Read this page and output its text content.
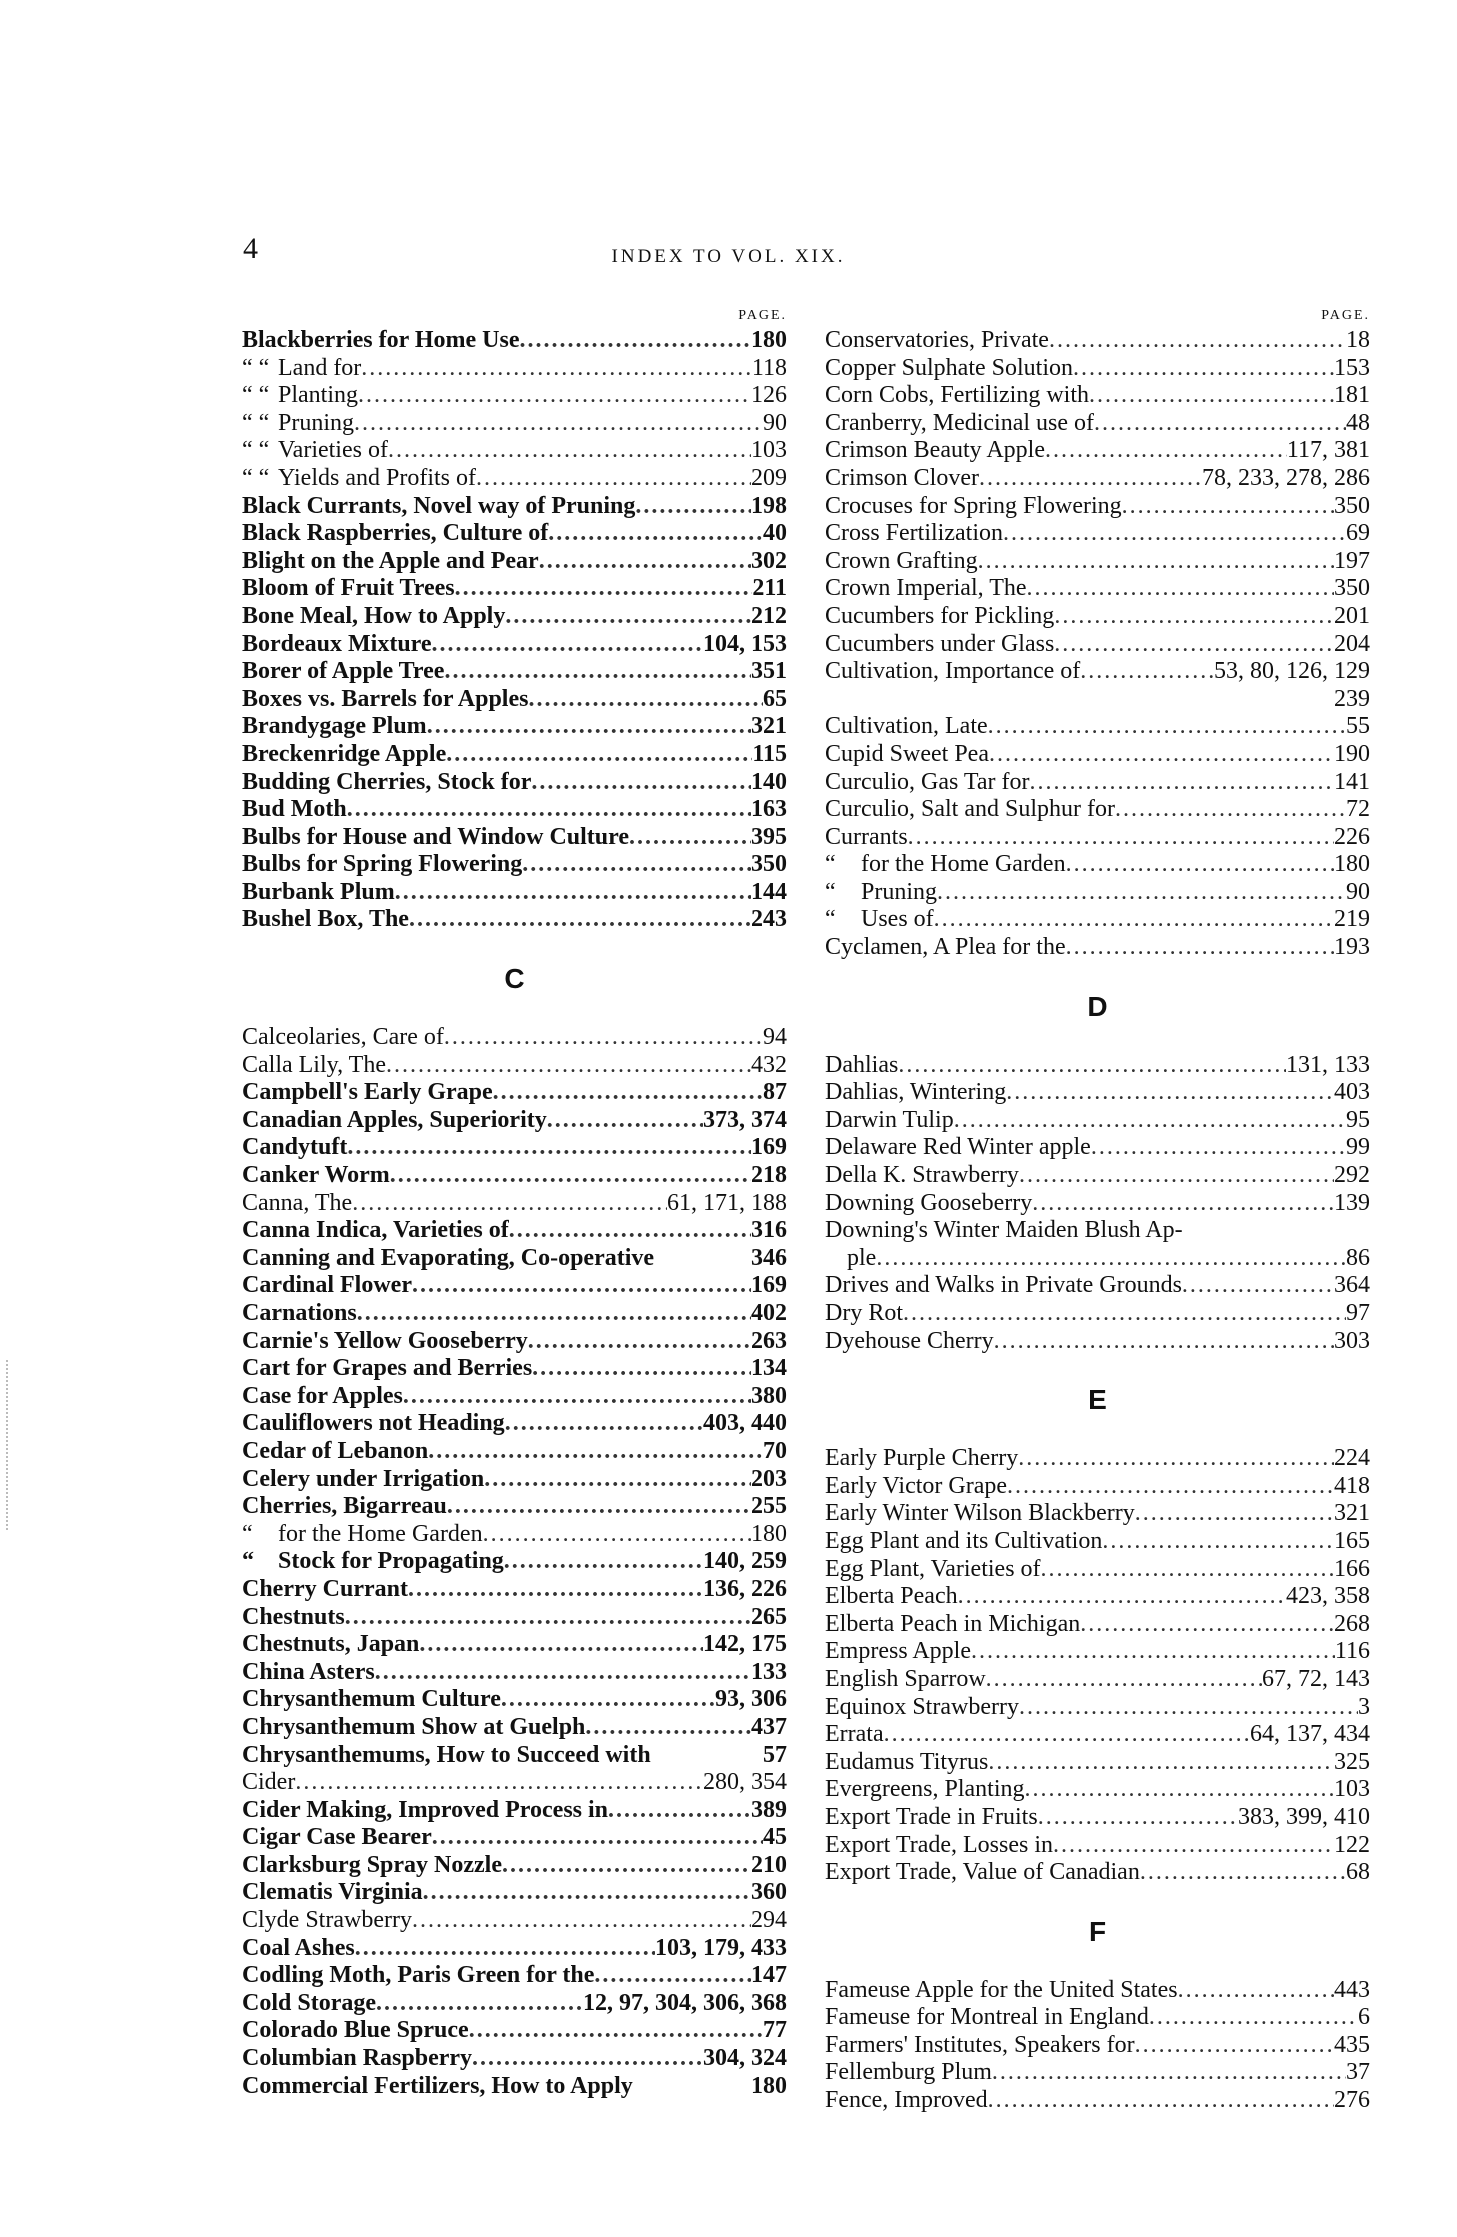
4	INDEX TO VOL. XIX.
PAGE.
Blackberries for Home Use .....	180
“ “ Land for .....	118
“ “ Planting .....	126
“ “ Pruning .....	90
“ “ Varieties of .....	103
“ “ Yields and Profits of .....	209
Black Currants, Novel way of Pruning .....	198
Black Raspberries, Culture of .....	40
Blight on the Apple and Pear .....	302
Bloom of Fruit Trees .....	211
Bone Meal, How to Apply .....	212
Bordeaux Mixture .....	104, 153
Borer of Apple Tree .....	351
Boxes vs. Barrels for Apples .....	65
Brandygage Plum .....	321
Breckenridge Apple .....	115
Budding Cherries, Stock for .....	140
Bud Moth .....	163
Bulbs for House and Window Culture .....	395
Bulbs for Spring Flowering .....	350
Burbank Plum .....	144
Bushel Box, The .....	243
C
Calceolaries, Care of .....	94
Calla Lily, The .....	432
Campbell's Early Grape .....	87
Canadian Apples, Superiority .....	373, 374
Candytuft .....	169
Canker Worm .....	218
Canna, The .....	61, 171, 188
Canna Indica, Varieties of .....	316
Canning and Evaporating, Co-operative	346
Cardinal Flower .....	169
Carnations .....	402
Carnie's Yellow Gooseberry .....	263
Cart for Grapes and Berries .....	134
Case for Apples .....	380
Cauliflowers not Heading .....	403, 440
Cedar of Lebanon .....	70
Celery under Irrigation .....	203
Cherries, Bigarreau .....	255
“ for the Home Garden .....	180
“ Stock for Propagating .....	140, 259
Cherry Currant .....	136, 226
Chestnuts .....	265
Chestnuts, Japan .....	142, 175
China Asters .....	133
Chrysanthemum Culture .....	93, 306
Chrysanthemum Show at Guelph .....	437
Chrysanthemums, How to Succeed with	57
Cider .....	280, 354
Cider Making, Improved Process in .....	389
Cigar Case Bearer .....	45
Clarksburg Spray Nozzle .....	210
Clematis Virginia .....	360
Clyde Strawberry .....	294
Coal Ashes .....	103, 179, 433
Codling Moth, Paris Green for the .....	147
Cold Storage .....	12, 97, 304, 306, 368
Colorado Blue Spruce .....	77
Columbian Raspberry .....	304, 324
Commercial Fertilizers, How to Apply	180
PAGE.
Conservatories, Private .....	18
Copper Sulphate Solution .....	153
Corn Cobs, Fertilizing with .....	181
Cranberry, Medicinal use of .....	48
Crimson Beauty Apple .....	117, 381
Crimson Clover .....	78, 233, 278, 286
Crocuses for Spring Flowering .....	350
Cross Fertilization .....	69
Crown Grafting .....	197
Crown Imperial, The .....	350
Cucumbers for Pickling .....	201
Cucumbers under Glass .....	204
Cultivation, Importance of .....	53, 80, 126, 129
239
Cultivation, Late .....	55
Cupid Sweet Pea .....	190
Curculio, Gas Tar for .....	141
Curculio, Salt and Sulphur for .....	72
Currants .....	226
“ for the Home Garden .....	180
“ Pruning .....	90
“ Uses of .....	219
Cyclamen, A Plea for the .....	193
D
Dahlias .....	131, 133
Dahlias, Wintering .....	403
Darwin Tulip .....	95
Delaware Red Winter apple .....	99
Della K. Strawberry .....	292
Downing Gooseberry .....	139
Downing's Winter Maiden Blush Ap-
ple .....	86
Drives and Walks in Private Grounds .....	364
Dry Rot .....	97
Dyehouse Cherry .....	303
E
Early Purple Cherry .....	224
Early Victor Grape .....	418
Early Winter Wilson Blackberry .....	321
Egg Plant and its Cultivation .....	165
Egg Plant, Varieties of .....	166
Elberta Peach .....	423, 358
Elberta Peach in Michigan .....	268
Empress Apple .....	116
English Sparrow .....	67, 72, 143
Equinox Strawberry .....	3
Errata .....	64, 137, 434
Eudamus Tityrus .....	325
Evergreens, Planting .....	103
Export Trade in Fruits .....	383, 399, 410
Export Trade, Losses in .....	122
Export Trade, Value of Canadian .....	68
F
Fameuse Apple for the United States .....	443
Fameuse for Montreal in England .....	6
Farmers' Institutes, Speakers for .....	435
Fellemburg Plum .....	37
Fence, Improved .....	276
